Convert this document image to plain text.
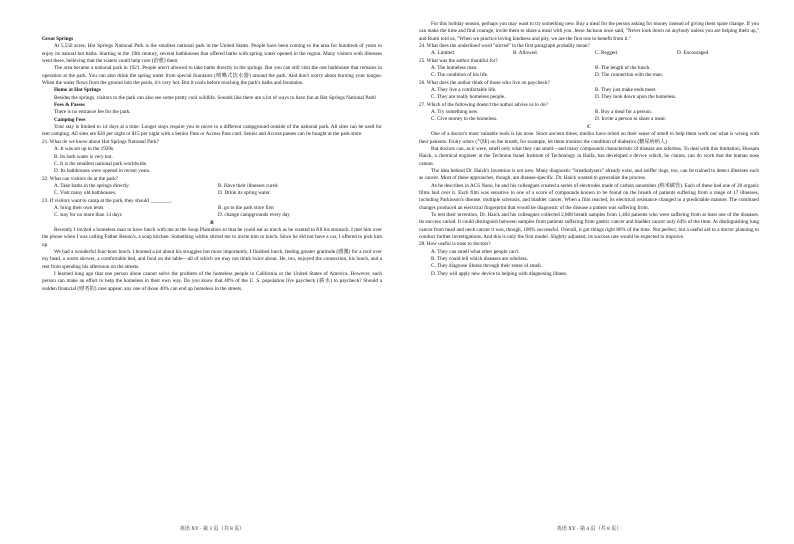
Great Springs

At 5,550 acres, Hot Springs National Park is the smallest national park in the United States. People have been coming to the area for hundreds of years to enjoy its natural hot baths. Starting in the 19th century, several bathhouses that offered baths with spring water opened in the region. Many visitors with illnesses went there, believing that the waters could help cure (治愈) them.

The area became a national park in 1921. People aren't allowed to take baths directly in the springs. But you can still visit the one bathhouse that remains in operation at the park. You can also drink the spring water from special fountains (喷嘴式饮水器) around the park. And don't worry about burning your tongue. When the water flows from the ground into the pools, it's very hot. But it cools before reaching the park's baths and fountains.

Home at Hot Springs

Besides the springs, visitors to the park can also see some pretty cool wildlife. Sounds like there are a lot of ways to have fun at Hot Springs National Park!

Fees & Passes

There is no entrance fee for the park.

Camping Fees

Your stay is limited to 14 days at a time. Longer stays require you to move to a different campground outside of the national park. All sites can be used for tent camping. All sites are $30 per night or $15 per night with a Senior Pass or Access Pass card. Senior and Access passes can be bought at the park store.

21. What do we know about Hot Springs National Park?

A. It was set up in the 1920s.

B. Its bath water is very hot.

C. It is the smallest national park worldwide.

D. Its bathhouses were opened in recent years.

22. What can visitors do at the park?

A. Take baths in the springs directly.	B. Have their illnesses cured.
C. Visit many old bathhouses.	D. Drink its spring water.

23. If visitors want to camp at the park, they should ________.

A. bring their own tents	B. go to the park store first
C. stay for no more than 14 days	D. change campgrounds every day

B

Recently I invited a homeless man to have lunch with me at the Soup Plantation so that he could eat as much as he wanted to fill his stomach. I met him over the phone when I was calling Father Benno's, a soup kitchen. Something within stirred me to invite him to lunch. Since he did not have a car, I offered to pick him up.

We had a wonderful four-hour lunch. I learned a lot about his struggles but more importantly, I finished lunch, feeling greater gratitude (感激) for a roof over my head, a warm shower, a comfortable bed, and food on the table—all of which we may not think twice about. He, too, enjoyed the connection, his lunch, and a rest from spending his afternoon on the streets.

I learned long ago that one person alone cannot solve the problem of the homeless people in California or the United States of America. However, each person can make an effort to help the homeless in their own way. Do you know that 40% of the U. S. population live paycheck (薪水) to paycheck? Should a sudden financial (财务的) case appear, any one of those 40% can end up homeless in the streets.

For this holiday season, perhaps you may want to try something new. Buy a meal for the person asking for money instead of giving them spare change. If you can make the time and find courage, invite them to share a meal with you. Jesse Jackson once said, "Never look down on anybody unless you are helping them up," and Rumi told us, "When we practice loving kindness and pity, we are the first one to benefit from it."

24. What does the underlined word "stirred" in the first paragraph probably mean?

A. Limited.	B. Allowed.	C. Begged.	D. Encouraged.

25. What was the author thankful for?

A. The homeless man.	B. The length of the lunch.
C. The condition of his life.	D. The connection with the man.

26. What does the author think of those who live on paycheck?

A. They live a comfortable life.	B. They just make ends meet.
C. They are really homeless people.	D. They look down upon the homeless.

27. Which of the following doesn't the author advise us to do?

A. Try something new.	B. Buy a meal for a person.
C. Give money to the homeless.	D. Invite a person to share a meal.

C

One of a doctor's most valuable tools is his nose. Since ancient times, medics have relied on their sense of smell to help them work out what is wrong with their patients. Fruity odors (气味) on the breath, for example, let them monitor the condition of diabetics (糖尿病病人).

But doctors can, as it were, smell only what they can smell—and many compounds characteristic of disease are odorless. To deal with this limitation, Hossam Haick, a chemical engineer at the Technion Israel Institute of Technology in Haifa, has developed a device which, he claims, can do work that the human nose cannot.

The idea behind Dr. Haick's invention is not new. Many diagnostic "breathalysers" already exist, and sniffer dogs, too, can be trained to detect illnesses such as cancer. Most of these approaches, though, are disease-specific. Dr. Haick wanted to generalize the process.

As he describes in ACS Nano, he and his colleagues created a series of electrodes made of carbon nanotubes (纳米碳管). Each of these had one of 20 organic films laid over it. Each film was sensitive to one of a score of compounds known to be found on the breath of patients suffering from a range of 17 illnesses, including Parkinson's disease, multiple sclerosis, and bladder cancer. When a film reacted, its electrical resistance changed in a predictable manner. The combined changes produced an electrical fingerprint that would be diagnostic of the disease a patient was suffering from.

To test their invention, Dr. Haick and his colleagues collected 2,808 breath samples from 1,404 patients who were suffering from at least one of the diseases. Its success varied. It could distinguish between samples from patients suffering from gastric cancer and bladder cancer only 64% of the time. At distinguishing lung cancer from head and neck cancer it was, though, 100% successful. Overall, it got things right 86% of the time. Not perfect, but a useful aid to a doctor planning to conduct further investigations. And this is only the first model. Slightly adjusted, its success rate would be expected to improve.

28. How useful is nose to doctors?

A. They can smell what other people can't.

B. They could tell which diseases are odorless.

C. They diagnose illness through their sense of smell.

D. They will apply new device to helping with diagnosing illness.

英语 XY · 第 3 页（共 8 页）	英语 XY · 第 4 页（共 8 页）
